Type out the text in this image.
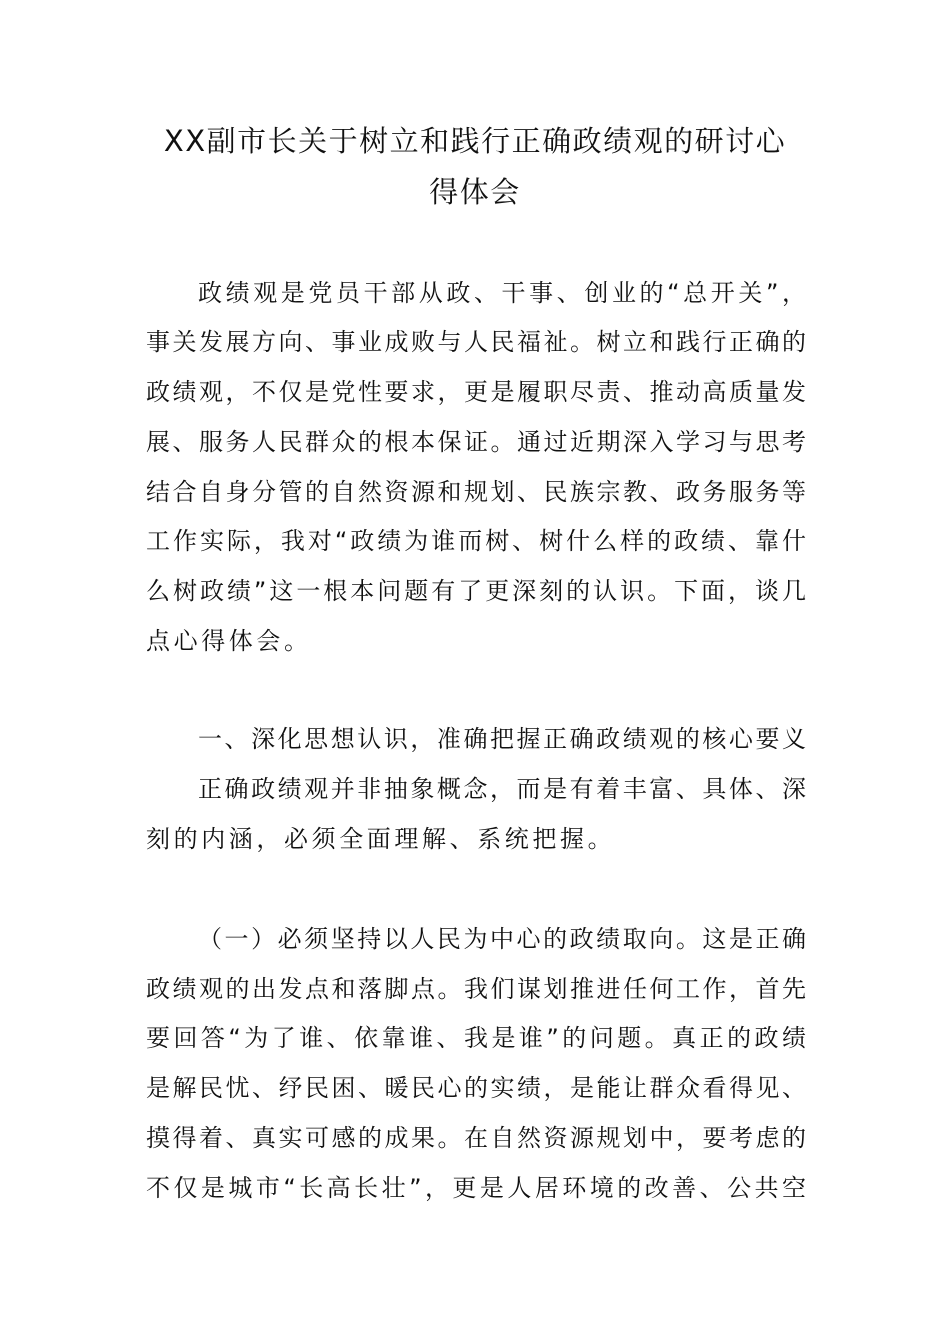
XX副市长关于树立和践行正确政绩观的研讨心
得体会
政绩观是党员干部从政、干事、创业的“总开关”，
事关发展方向、事业成败与人民福祉。树立和践行正确的
政绩观，不仅是党性要求，更是履职尽责、推动高质量发
展、服务人民群众的根本保证。通过近期深入学习与思考
结合自身分管的自然资源和规划、民族宗教、政务服务等
工作实际，我对“政绩为谁而树、树什么样的政绩、靠什
么树政绩”这一根本问题有了更深刻的认识。下面，谈几
点心得体会。
一、深化思想认识，准确把握正确政绩观的核心要义
正确政绩观并非抽象概念，而是有着丰富、具体、深
刻的内涵，必须全面理解、系统把握。
（一）必须坚持以人民为中心的政绩取向。这是正确
政绩观的出发点和落脚点。我们谋划推进任何工作，首先
要回答“为了谁、依靠谁、我是谁”的问题。真正的政绩
是解民忧、纾民困、暖民心的实绩，是能让群众看得见、
摸得着、真实可感的成果。在自然资源规划中，要考虑的
不仅是城市“长高长壮”，更是人居环境的改善、公共空
